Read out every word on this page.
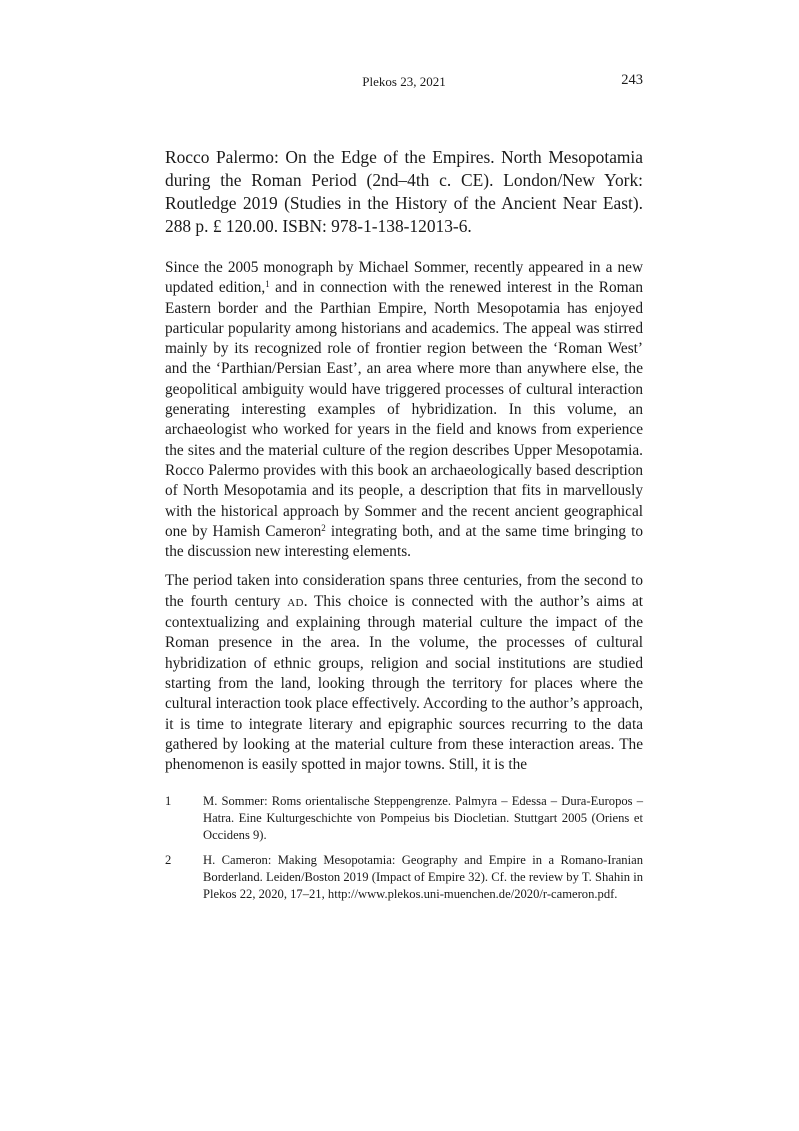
Plekos 23, 2021	243

Rocco Palermo: On the Edge of the Empires. North Mesopotamia during the Roman Period (2nd–4th c. CE). London/New York: Routledge 2019 (Studies in the History of the Ancient Near East). 288 p. £ 120.00. ISBN: 978-1-138-12013-6.

Since the 2005 monograph by Michael Sommer, recently appeared in a new updated edition,$^1$ and in connection with the renewed interest in the Roman Eastern border and the Parthian Empire, North Mesopotamia has enjoyed particular popularity among historians and academics. The appeal was stirred mainly by its recognized role of frontier region between the ‘Roman West’ and the ‘Parthian/Persian East’, an area where more than anywhere else, the geopolitical ambiguity would have triggered processes of cultural interaction generating interesting examples of hybridization. In this volume, an archaeologist who worked for years in the field and knows from experience the sites and the material culture of the region describes Upper Mesopotamia. Rocco Palermo provides with this book an archaeologically based description of North Mesopotamia and its people, a description that fits in marvellously with the historical approach by Sommer and the recent ancient geographical one by Hamish Cameron$^2$ integrating both, and at the same time bringing to the discussion new interesting elements.

The period taken into consideration spans three centuries, from the second to the fourth century AD. This choice is connected with the author’s aims at contextualizing and explaining through material culture the impact of the Roman presence in the area. In the volume, the processes of cultural hybridization of ethnic groups, religion and social institutions are studied starting from the land, looking through the territory for places where the cultural interaction took place effectively. According to the author’s approach, it is time to integrate literary and epigraphic sources recurring to the data gathered by looking at the material culture from these interaction areas. The phenomenon is easily spotted in major towns. Still, it is the

1	M. Sommer: Roms orientalische Steppengrenze. Palmyra – Edessa – Dura-Europos – Hatra. Eine Kulturgeschichte von Pompeius bis Diocletian. Stuttgart 2005 (Oriens et Occidens 9).
2	H. Cameron: Making Mesopotamia: Geography and Empire in a Romano-Iranian Borderland. Leiden/Boston 2019 (Impact of Empire 32). Cf. the review by T. Shahin in Plekos 22, 2020, 17–21, http://www.plekos.uni-muenchen.de/2020/r-cameron.pdf.
